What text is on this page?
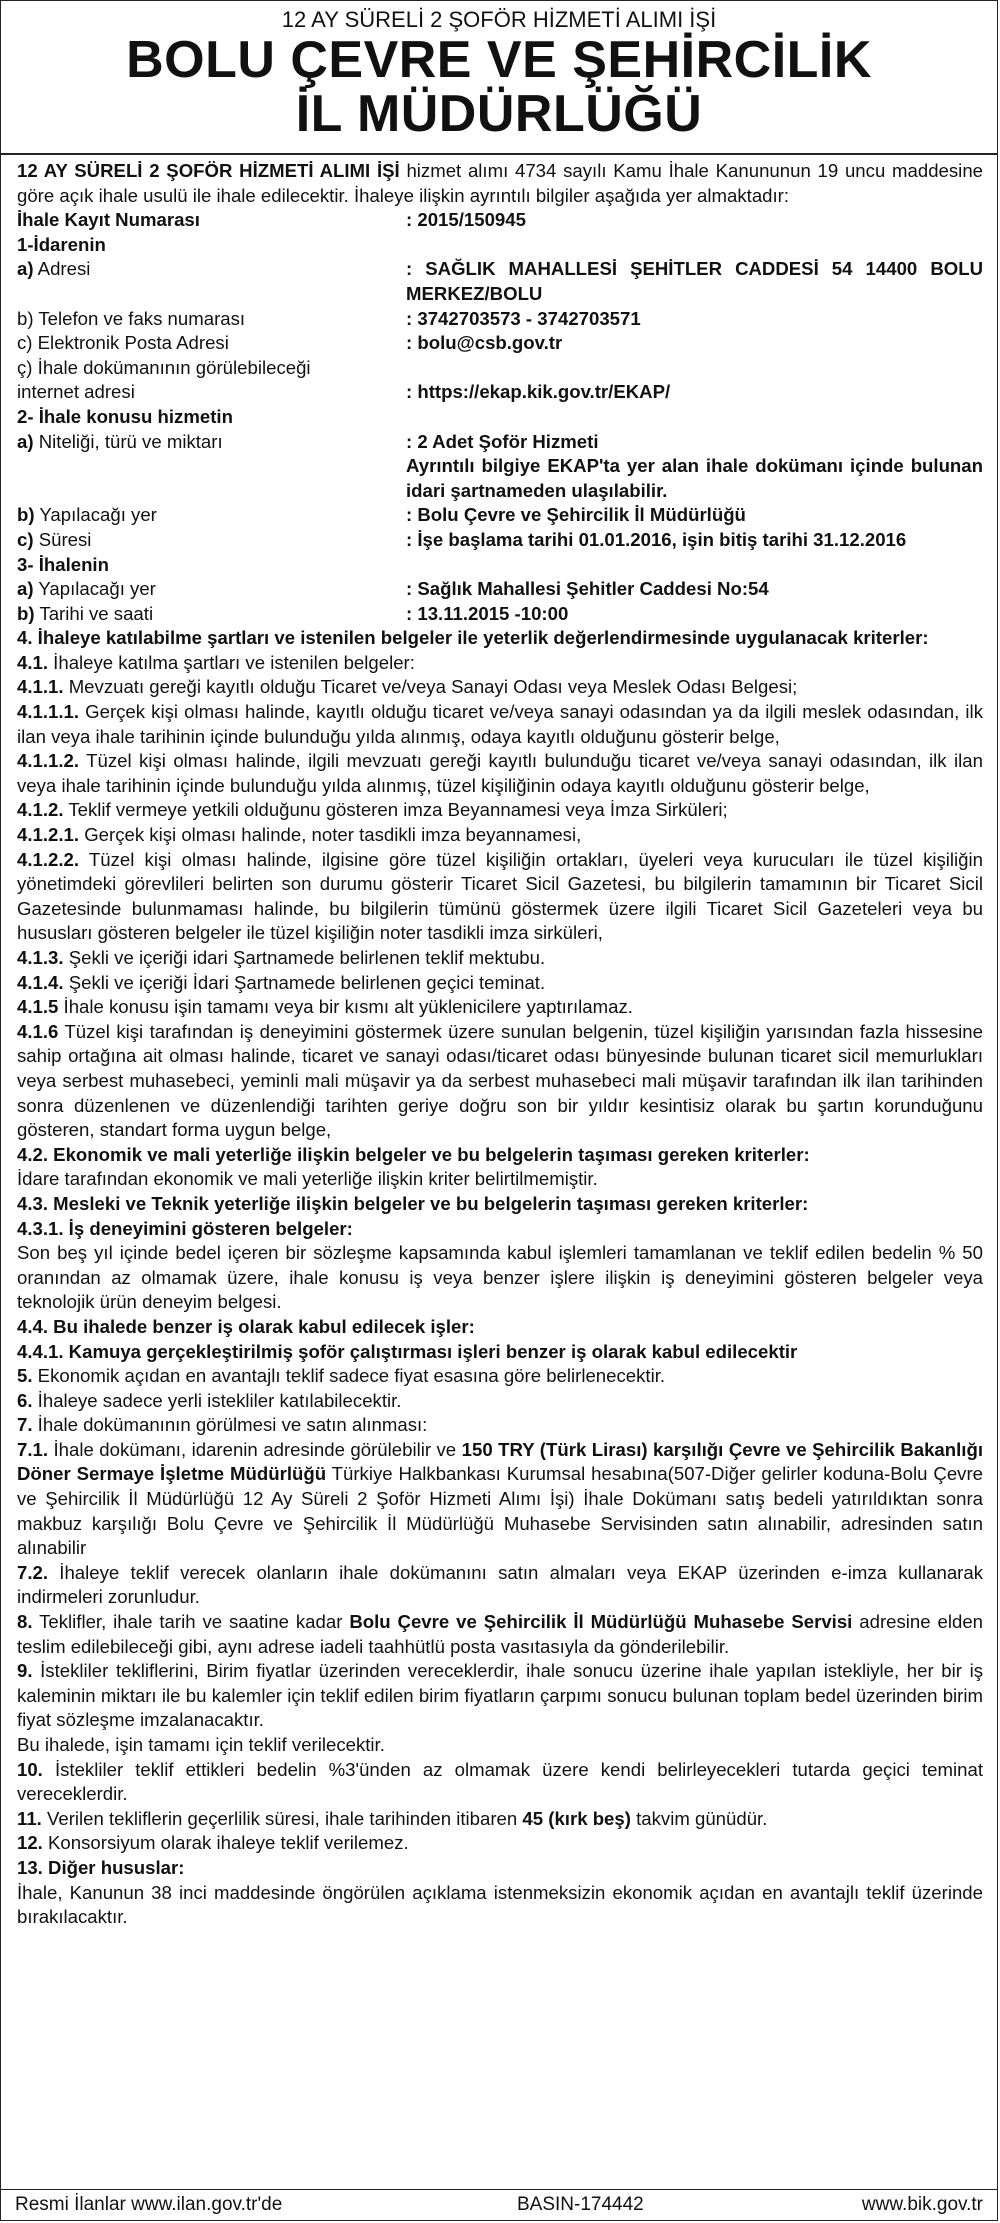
12 AY SÜRELİ 2 ŞOFÖR HİZMETİ ALIMI İŞİ
BOLU ÇEVRE VE ŞEHİRCİLİK
İL MÜDÜRLÜĞÜ

12 AY SÜRELİ 2 ŞOFÖR HİZMETİ ALIMI İŞİ hizmet alımı 4734 sayılı Kamu İhale Kanununun 19 uncu maddesine göre açık ihale usulü ile ihale edilecektir. İhaleye ilişkin ayrıntılı bilgiler aşağıda yer almaktadır:

İhale Kayıt Numarası	: 2015/150945

1-İdarenin

a) Adresi	: SAĞLIK MAHALLESİ ŞEHİTLER CADDESİ 54 14400 BOLU MERKEZ/BOLU
b) Telefon ve faks numarası	: 3742703573 - 3742703571
c) Elektronik Posta Adresi	: bolu@csb.gov.tr

ç) İhale dokümanının görülebileceği

internet adresi	: https://ekap.kik.gov.tr/EKAP/

2- İhale konusu hizmetin

a) Niteliği, türü ve miktarı	: 2 Adet Şoför Hizmeti
Ayrıntılı bilgiye EKAP'ta yer alan ihale dokümanı içinde bulunan idari şartnameden ulaşılabilir.
b) Yapılacağı yer	: Bolu Çevre ve Şehircilik İl Müdürlüğü
c) Süresi	: İşe başlama tarihi 01.01.2016, işin bitiş tarihi 31.12.2016

3- İhalenin

a) Yapılacağı yer	: Sağlık Mahallesi Şehitler Caddesi No:54
b) Tarihi ve saati	: 13.11.2015 -10:00

4. İhaleye katılabilme şartları ve istenilen belgeler ile yeterlik değerlendirmesinde uygulanacak kriterler:

4.1. İhaleye katılma şartları ve istenilen belgeler:

4.1.1. Mevzuatı gereği kayıtlı olduğu Ticaret ve/veya Sanayi Odası veya Meslek Odası Belgesi;

4.1.1.1. Gerçek kişi olması halinde, kayıtlı olduğu ticaret ve/veya sanayi odasından ya da ilgili meslek odasından, ilk ilan veya ihale tarihinin içinde bulunduğu yılda alınmış, odaya kayıtlı olduğunu gösterir belge,

4.1.1.2. Tüzel kişi olması halinde, ilgili mevzuatı gereği kayıtlı bulunduğu ticaret ve/veya sanayi odasından, ilk ilan veya ihale tarihinin içinde bulunduğu yılda alınmış, tüzel kişiliğinin odaya kayıtlı olduğunu gösterir belge,

4.1.2. Teklif vermeye yetkili olduğunu gösteren imza Beyannamesi veya İmza Sirküleri;

4.1.2.1. Gerçek kişi olması halinde, noter tasdikli imza beyannamesi,

4.1.2.2. Tüzel kişi olması halinde, ilgisine göre tüzel kişiliğin ortakları, üyeleri veya kurucuları ile tüzel kişiliğin yönetimdeki görevlileri belirten son durumu gösterir Ticaret Sicil Gazetesi, bu bilgilerin tamamının bir Ticaret Sicil Gazetesinde bulunmaması halinde, bu bilgilerin tümünü göstermek üzere ilgili Ticaret Sicil Gazeteleri veya bu hususları gösteren belgeler ile tüzel kişiliğin noter tasdikli imza sirküleri,

4.1.3. Şekli ve içeriği idari Şartnamede belirlenen teklif mektubu.

4.1.4. Şekli ve içeriği İdari Şartnamede belirlenen geçici teminat.

4.1.5 İhale konusu işin tamamı veya bir kısmı alt yüklenicilere yaptırılamaz.

4.1.6 Tüzel kişi tarafından iş deneyimini göstermek üzere sunulan belgenin, tüzel kişiliğin yarısından fazla hissesine sahip ortağına ait olması halinde, ticaret ve sanayi odası/ticaret odası bünyesinde bulunan ticaret sicil memurlukları veya serbest muhasebeci, yeminli mali müşavir ya da serbest muhasebeci mali müşavir tarafından ilk ilan tarihinden sonra düzenlenen ve düzenlendiği tarihten geriye doğru son bir yıldır kesintisiz olarak bu şartın korunduğunu gösteren, standart forma uygun belge,

4.2. Ekonomik ve mali yeterliğe ilişkin belgeler ve bu belgelerin taşıması gereken kriterler:

İdare tarafından ekonomik ve mali yeterliğe ilişkin kriter belirtilmemiştir.

4.3. Mesleki ve Teknik yeterliğe ilişkin belgeler ve bu belgelerin taşıması gereken kriterler:

4.3.1. İş deneyimini gösteren belgeler:

Son beş yıl içinde bedel içeren bir sözleşme kapsamında kabul işlemleri tamamlanan ve teklif edilen bedelin % 50 oranından az olmamak üzere, ihale konusu iş veya benzer işlere ilişkin iş deneyimini gösteren belgeler veya teknolojik ürün deneyim belgesi.

4.4. Bu ihalede benzer iş olarak kabul edilecek işler:

4.4.1. Kamuya gerçekleştirilmiş şoför çalıştırması işleri benzer iş olarak kabul edilecektir

5. Ekonomik açıdan en avantajlı teklif sadece fiyat esasına göre belirlenecektir.

6. İhaleye sadece yerli istekliler katılabilecektir.

7. İhale dokümanının görülmesi ve satın alınması:

7.1. İhale dokümanı, idarenin adresinde görülebilir ve 150 TRY (Türk Lirası) karşılığı Çevre ve Şehircilik Bakanlığı Döner Sermaye İşletme Müdürlüğü Türkiye Halkbankası Kurumsal hesabına(507-Diğer gelirler koduna-Bolu Çevre ve Şehircilik İl Müdürlüğü 12 Ay Süreli 2 Şoför Hizmeti Alımı İşi) İhale Dokümanı satış bedeli yatırıldıktan sonra makbuz karşılığı Bolu Çevre ve Şehircilik İl Müdürlüğü Muhasebe Servisinden satın alınabilir, adresinden satın alınabilir

7.2. İhaleye teklif verecek olanların ihale dokümanını satın almaları veya EKAP üzerinden e-imza kullanarak indirmeleri zorunludur.

8. Teklifler, ihale tarih ve saatine kadar Bolu Çevre ve Şehircilik İl Müdürlüğü Muhasebe Servisi adresine elden teslim edilebileceği gibi, aynı adrese iadeli taahhütlü posta vasıtasıyla da gönderilebilir.

9. İstekliler tekliflerini, Birim fiyatlar üzerinden vereceklerdir, ihale sonucu üzerine ihale yapılan istekliyle, her bir iş kaleminin miktarı ile bu kalemler için teklif edilen birim fiyatların çarpımı sonucu bulunan toplam bedel üzerinden birim fiyat sözleşme imzalanacaktır.

Bu ihalede, işin tamamı için teklif verilecektir.

10. İstekliler teklif ettikleri bedelin %3'ünden az olmamak üzere kendi belirleyecekleri tutarda geçici teminat vereceklerdir.

11. Verilen tekliflerin geçerlilik süresi, ihale tarihinden itibaren 45 (kırk beş) takvim günüdür.

12. Konsorsiyum olarak ihaleye teklif verilemez.

13. Diğer hususlar:

İhale, Kanunun 38 inci maddesinde öngörülen açıklama istenmeksizin ekonomik açıdan en avantajlı teklif üzerinde bırakılacaktır.

Resmi İlanlar www.ilan.gov.tr'de	BASIN-174442	www.bik.gov.tr
